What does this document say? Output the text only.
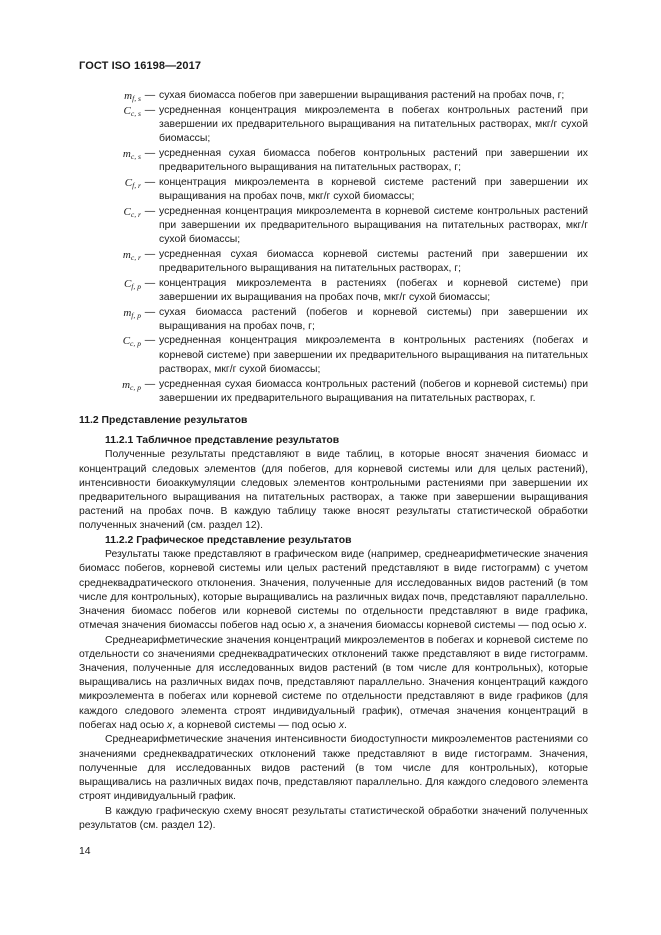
ГОСТ ISO 16198—2017
$m_{f, s}$ — сухая биомасса побегов при завершении выращивания растений на пробах почв, г;
$C_{c, s}$ — усредненная концентрация микроэлемента в побегах контрольных растений при завершении их предварительного выращивания на питательных растворах, мкг/г сухой биомассы;
$m_{c, s}$ — усредненная сухая биомасса побегов контрольных растений при завершении их предварительного выращивания на питательных растворах, г;
$C_{f, r}$ — концентрация микроэлемента в корневой системе растений при завершении их выращивания на пробах почв, мкг/г сухой биомассы;
$C_{c, r}$ — усредненная концентрация микроэлемента в корневой системе контрольных растений при завершении их предварительного выращивания на питательных растворах, мкг/г сухой биомассы;
$m_{c, r}$ — усредненная сухая биомасса корневой системы растений при завершении их предварительного выращивания на питательных растворах, г;
$C_{f, p}$ — концентрация микроэлемента в растениях (побегах и корневой системе) при завершении их выращивания на пробах почв, мкг/г сухой биомассы;
$m_{f, p}$ — сухая биомасса растений (побегов и корневой системы) при завершении их выращивания на пробах почв, г;
$C_{c, p}$ — усредненная концентрация микроэлемента в контрольных растениях (побегах и корневой системе) при завершении их предварительного выращивания на питательных растворах, мкг/г сухой биомассы;
$m_{c, p}$ — усредненная сухая биомасса контрольных растений (побегов и корневой системы) при завершении их предварительного выращивания на питательных растворах, г.
11.2 Представление результатов
11.2.1 Табличное представление результатов

Полученные результаты представляют в виде таблиц, в которые вносят значения биомасс и концентраций следовых элементов (для побегов, для корневой системы или для целых растений), интенсивности биоаккумуляции следовых элементов контрольными растениями при завершении их предварительного выращивания на питательных растворах, а также при завершении выращивания растений на пробах почв. В каждую таблицу также вносят результаты статистической обработки полученных значений (см. раздел 12).

11.2.2 Графическое представление результатов

Результаты также представляют в графическом виде (например, среднеарифметические значения биомасс побегов, корневой системы или целых растений представляют в виде гистограмм) с учетом среднеквадратического отклонения. Значения, полученные для исследованных видов растений (в том числе для контрольных), которые выращивались на различных видах почв, представляют параллельно. Значения биомасс побегов или корневой системы по отдельности представляют в виде графика, отмечая значения биомассы побегов над осью x, а значения биомассы корневой системы — под осью x.

Среднеарифметические значения концентраций микроэлементов в побегах и корневой системе по отдельности со значениями среднеквадратических отклонений также представляют в виде гистограмм. Значения, полученные для исследованных видов растений (в том числе для контрольных), которые выращивались на различных видах почв, представляют параллельно. Значения концентраций каждого микроэлемента в побегах или корневой системе по отдельности представляют в виде графиков (для каждого следового элемента строят индивидуальный график), отмечая значения концентраций в побегах над осью x, а корневой системы — под осью x.

Среднеарифметические значения интенсивности биодоступности микроэлементов растениями со значениями среднеквадратических отклонений также представляют в виде гистограмм. Значения, полученные для исследованных видов растений (в том числе для контрольных), которые выращивались на различных видах почв, представляют параллельно. Для каждого следового элемента строят индивидуальный график.

В каждую графическую схему вносят результаты статистической обработки значений полученных результатов (см. раздел 12).

14
